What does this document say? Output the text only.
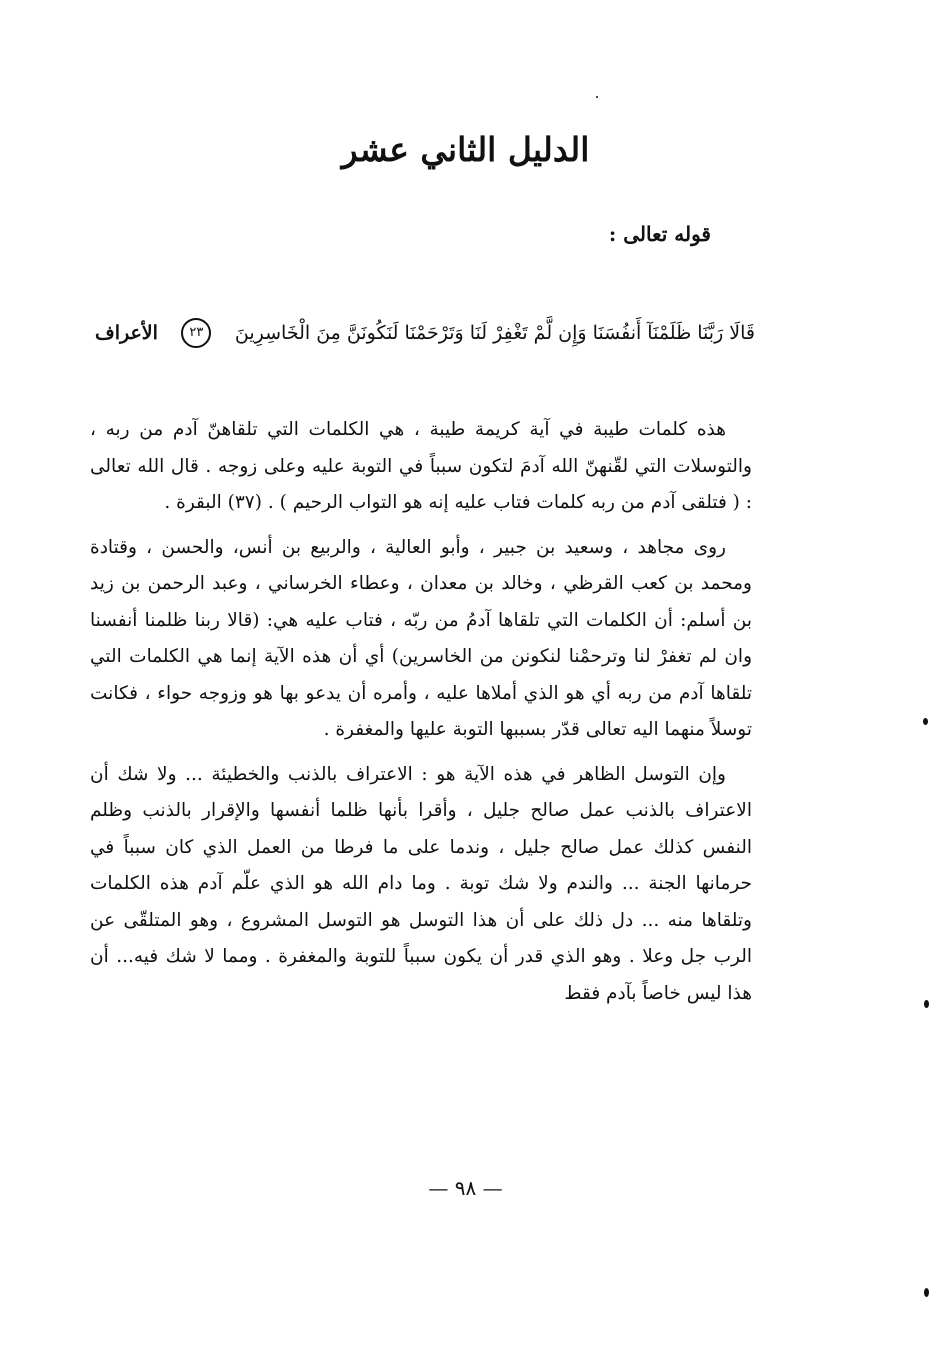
الدليل الثاني عشر
قوله تعالى :
قَالَا رَبَّنَا ظَلَمْنَآ أَنفُسَنَا وَإِن لَّمْ تَغْفِرْ لَنَا وَتَرْحَمْنَا لَنَكُونَنَّ مِنَ الْخَاسِرِينَ
٢٣
الأعراف

هذه كلمات طيبة في آية كريمة طيبة ، هي الكلمات التي تلقاهنّ آدم من ربه ، والتوسلات التي لقّنهنّ الله آدمَ لتكون سبباً في التوبة عليه وعلى زوجه . قال الله تعالى : ( فتلقى آدم من ربه كلمات فتاب عليه إنه هو التواب الرحيم ) . (٣٧) البقرة .

روى مجاهد ، وسعيد بن جبير ، وأبو العالية ، والربيع بن أنس، والحسن ، وقتادة ومحمد بن كعب القرظي ، وخالد بن معدان ، وعطاء الخرساني ، وعبد الرحمن بن زيد بن أسلم: أن الكلمات التي تلقاها آدمُ من ربّه ، فتاب عليه هي: (قالا ربنا ظلمنا أنفسنا وان لم تغفرْ لنا وترحمْنا لنكونن من الخاسرين) أي أن هذه الآية إنما هي الكلمات التي تلقاها آدم من ربه أي هو الذي أملاها عليه ، وأمره أن يدعو بها هو وزوجه حواء ، فكانت توسلاً منهما اليه تعالى قدّر بسببها التوبة عليها والمغفرة .

وإن التوسل الظاهر في هذه الآية هو : الاعتراف بالذنب والخطيئة ... ولا شك أن الاعتراف بالذنب عمل صالح جليل ، وأقرا بأنها ظلما أنفسها والإقرار بالذنب وظلم النفس كذلك عمل صالح جليل ، وندما على ما فرطا من العمل الذي كان سبباً في حرمانها الجنة ... والندم ولا شك توبة . وما دام الله هو الذي علّم آدم هذه الكلمات وتلقاها منه ... دل ذلك على أن هذا التوسل هو التوسل المشروع ، وهو المتلقّى عن الرب جل وعلا . وهو الذي قدر أن يكون سبباً للتوبة والمغفرة . ومما لا شك فيه... أن هذا ليس خاصاً بآدم فقط

— ٩٨ —
